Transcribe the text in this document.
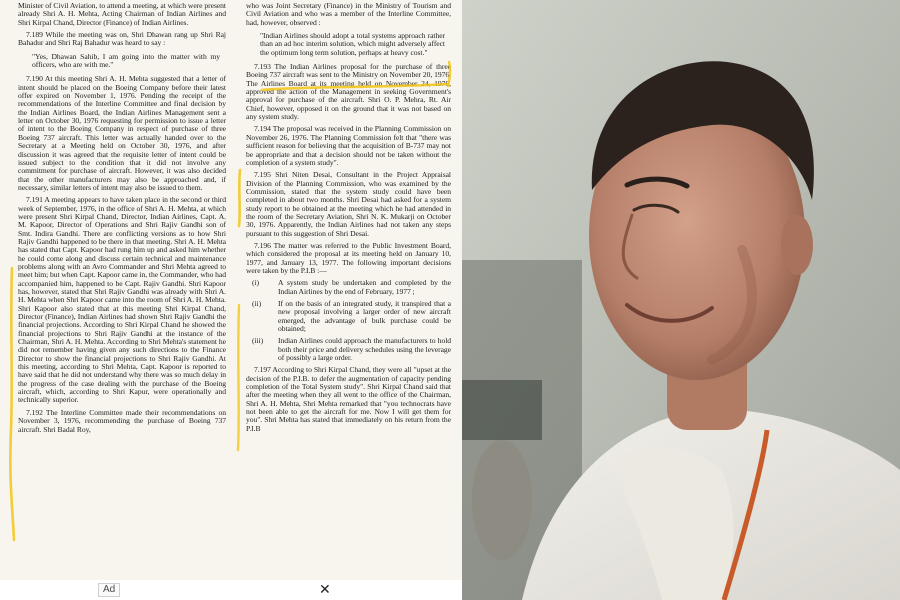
Minister of Civil Aviation, to attend a meeting, at which were present already Shri A. H. Mehta, Acting Chairman of Indian Airlines and Shri Kirpal Chand, Director (Finance) of Indian Airlines.

7.189 While the meeting was on, Shri Dhawan rang up Shri Raj Bahadur and Shri Raj Bahadur was heard to say :

"Yes, Dhawan Sahib, I am going into the matter with my officers, who are with me."

7.190 At this meeting Shri A. H. Mehta suggested that a letter of intent should be placed on the Boeing Company before their latest offer expired on November 1, 1976. Pending the receipt of the recommendations of the Interline Committee and final decision by the Indian Airlines Board, the Indian Airlines Management sent a letter on October 30, 1976 requesting for permission to issue a letter of intent to the Boeing Company in respect of purchase of three Boeing 737 aircraft. This letter was actually handed over to the Secretary at a Meeting held on October 30, 1976, and after discussion it was agreed that the requisite letter of intent could be issued subject to the condition that it did not involve any commitment for purchase of aircraft. However, it was also decided that the other manufacturers may also be approached and, if necessary, similar letters of intent may also be issued to them.

7.191 A meeting appears to have taken place in the second or third week of September, 1976, in the office of Shri A. H. Mehta, at which were present Shri Kirpal Chand, Director, Indian Airlines, Capt. A. M. Kapoor, Director of Operations and Shri Rajiv Gandhi son of Smt. Indira Gandhi. There are conflicting versions as to how Shri Rajiv Gandhi happened to be there in that meeting. Shri A. H. Mehta has stated that Capt. Kapoor had rung him up and asked him whether he could come along and discuss certain technical and maintenance problems along with an Avro Commander and Shri Mehta agreed to meet him; but when Capt. Kapoor came in, the Commander, who had accompanied him, happened to be Capt. Rajiv Gandhi. Shri Kapoor has, however, stated that Shri Rajiv Gandhi was already with Shri A. H. Mehta when Shri Kapoor came into the room of Shri A. H. Mehta. Shri Kapoor also stated that at this meeting Shri Kirpal Chand, Director (Finance), Indian Airlines had shown Shri Rajiv Gandhi the financial projections. According to Shri Kirpal Chand he showed the financial projections to Shri Rajiv Gandhi at the instance of the Chairman, Shri A. H. Mehta. According to Shri Mehta's statement he did not remember having given any such directions to the Finance Director to show the financial projections to Shri Rajiv Gandhi. At this meeting, according to Shri Mehta, Capt. Kapoor is reported to have said that he did not understand why there was so much delay in the progress of the case dealing with the purchase of the Boeing aircraft, which, according to Shri Kapur, were operationally and technically superior.

7.192 The Interline Committee made their recommendations on November 3, 1976, recommending the purchase of Boeing 737 aircraft. Shri Badal Roy,

who was Joint Secretary (Finance) in the Ministry of Tourism and Civil Aviation and who was a member of the Interline Committee, had, however, observed :

"Indian Airlines should adopt a total systems approach rather than an ad hoc interim solution, which might adversely affect the optimum long term solution, perhaps at heavy cost."

7.193 The Indian Airlines proposal for the purchase of three Boeing 737 aircraft was sent to the Ministry on November 20, 1976. The Airlines Board at its meeting held on November 24, 1976, approved the action of the Management in seeking Government's approval for purchase of the aircraft. Shri O. P. Mehra, Rt. Air Chief, however, opposed it on the ground that it was not based on any system study.

7.194 The proposal was received in the Planning Commission on November 26, 1976. The Planning Commission felt that "there was sufficient reason for believing that the acquisition of B-737 may not be appropriate and that a decision should not be taken without the completion of a system study".

7.195 Shri Niten Desai, Consultant in the Project Appraisal Division of the Planning Commission, who was examined by the Commission, stated that the system study could have been completed in about two months. Shri Desai had asked for a system study report to be obtained at the meeting which he had attended in the room of the Secretary Aviation, Shri N. K. Mukarji on October 30, 1976. Apparently, the Indian Airlines had not taken any steps pursuant to this suggestion of Shri Desai.

7.196 The matter was referred to the Public Investment Board, which considered the proposal at its meeting held on January 10, 1977, and January 13, 1977. The following important decisions were taken by the P.I.B :—

(i)	A system study be undertaken and completed by the Indian Airlines by the end of February, 1977 ;
(ii)	If on the basis of an integrated study, it transpired that a new proposal involving a larger order of new aircraft emerged, the advantage of bulk purchase could be obtained;
(iii)	Indian Airlines could approach the manufacturers to hold both their price and delivery schedules using the leverage of possibly a large order.

7.197 According to Shri Kirpal Chand, they were all "upset at the decision of the P.I.B. to defer the augmentation of capacity pending completion of the Total System study". Shri Kirpal Chand said that after the meeting when they all went to the office of the Chairman, Shri A. H. Mehta, Shri Mehta remarked that "you technocrats have not been able to get the aircraft for me. Now I will get them for you". Shri Mehta has stated that immediately on his return from the P.I.B

Ad	✕
